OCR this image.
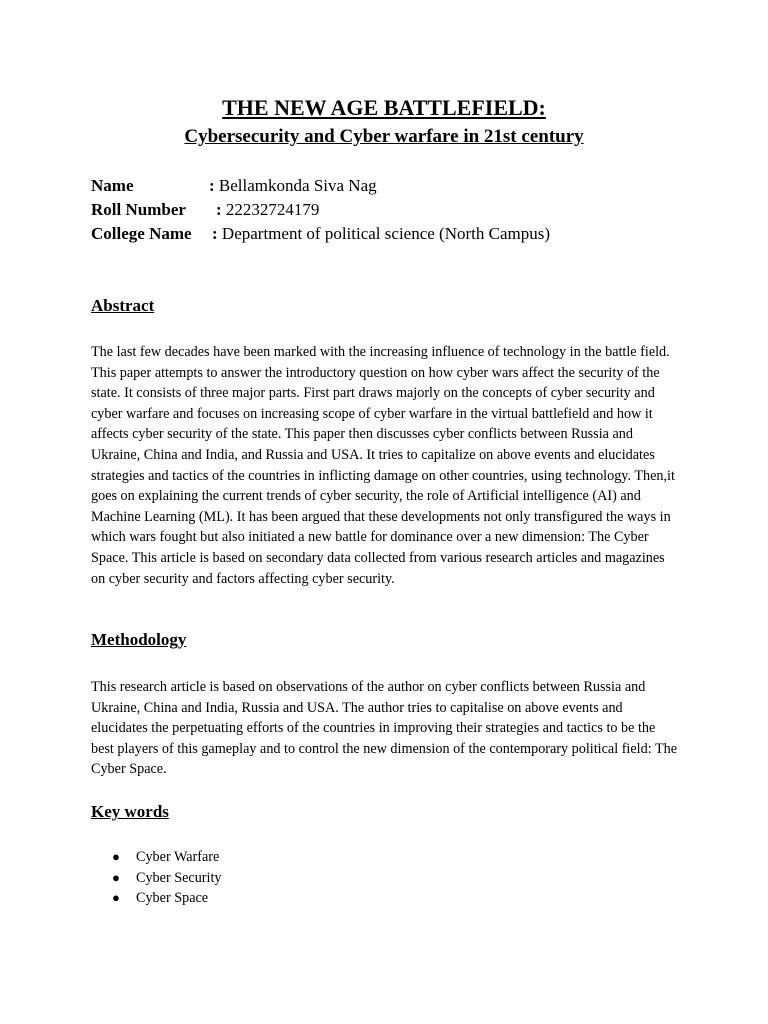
THE NEW AGE BATTLEFIELD:
Cybersecurity and Cyber warfare in 21st century
Name	: Bellamkonda Siva Nag
Roll Number : 22232724179
College Name : Department of political science (North Campus)
Abstract

The last few decades have been marked with the increasing influence of technology in the battle field. This paper attempts to answer the introductory question on how cyber wars affect the security of the state. It consists of three major parts. First part draws majorly on the concepts of cyber security and cyber warfare and focuses on increasing scope of cyber warfare in the virtual battlefield and how it affects cyber security of the state. This paper then discusses cyber conflicts between Russia and Ukraine, China and India, and Russia and USA. It tries to capitalize on above events and elucidates strategies and tactics of the countries in inflicting damage on other countries, using technology. Then,it goes on explaining the current trends of cyber security, the role of Artificial intelligence (AI) and Machine Learning (ML). It has been argued that these developments not only transfigured the ways in which wars fought but also initiated a new battle for dominance over a new dimension: The Cyber Space. This article is based on secondary data collected from various research articles and magazines on cyber security and factors affecting cyber security.

Methodology

This research article is based on observations of the author on cyber conflicts between Russia and Ukraine, China and India, Russia and USA. The author tries to capitalise on above events and elucidates the perpetuating efforts of the countries in improving their strategies and tactics to be the best players of this gameplay and to control the new dimension of the contemporary political field: The Cyber Space.

Key words
● Cyber Warfare
● Cyber Security
● Cyber Space
